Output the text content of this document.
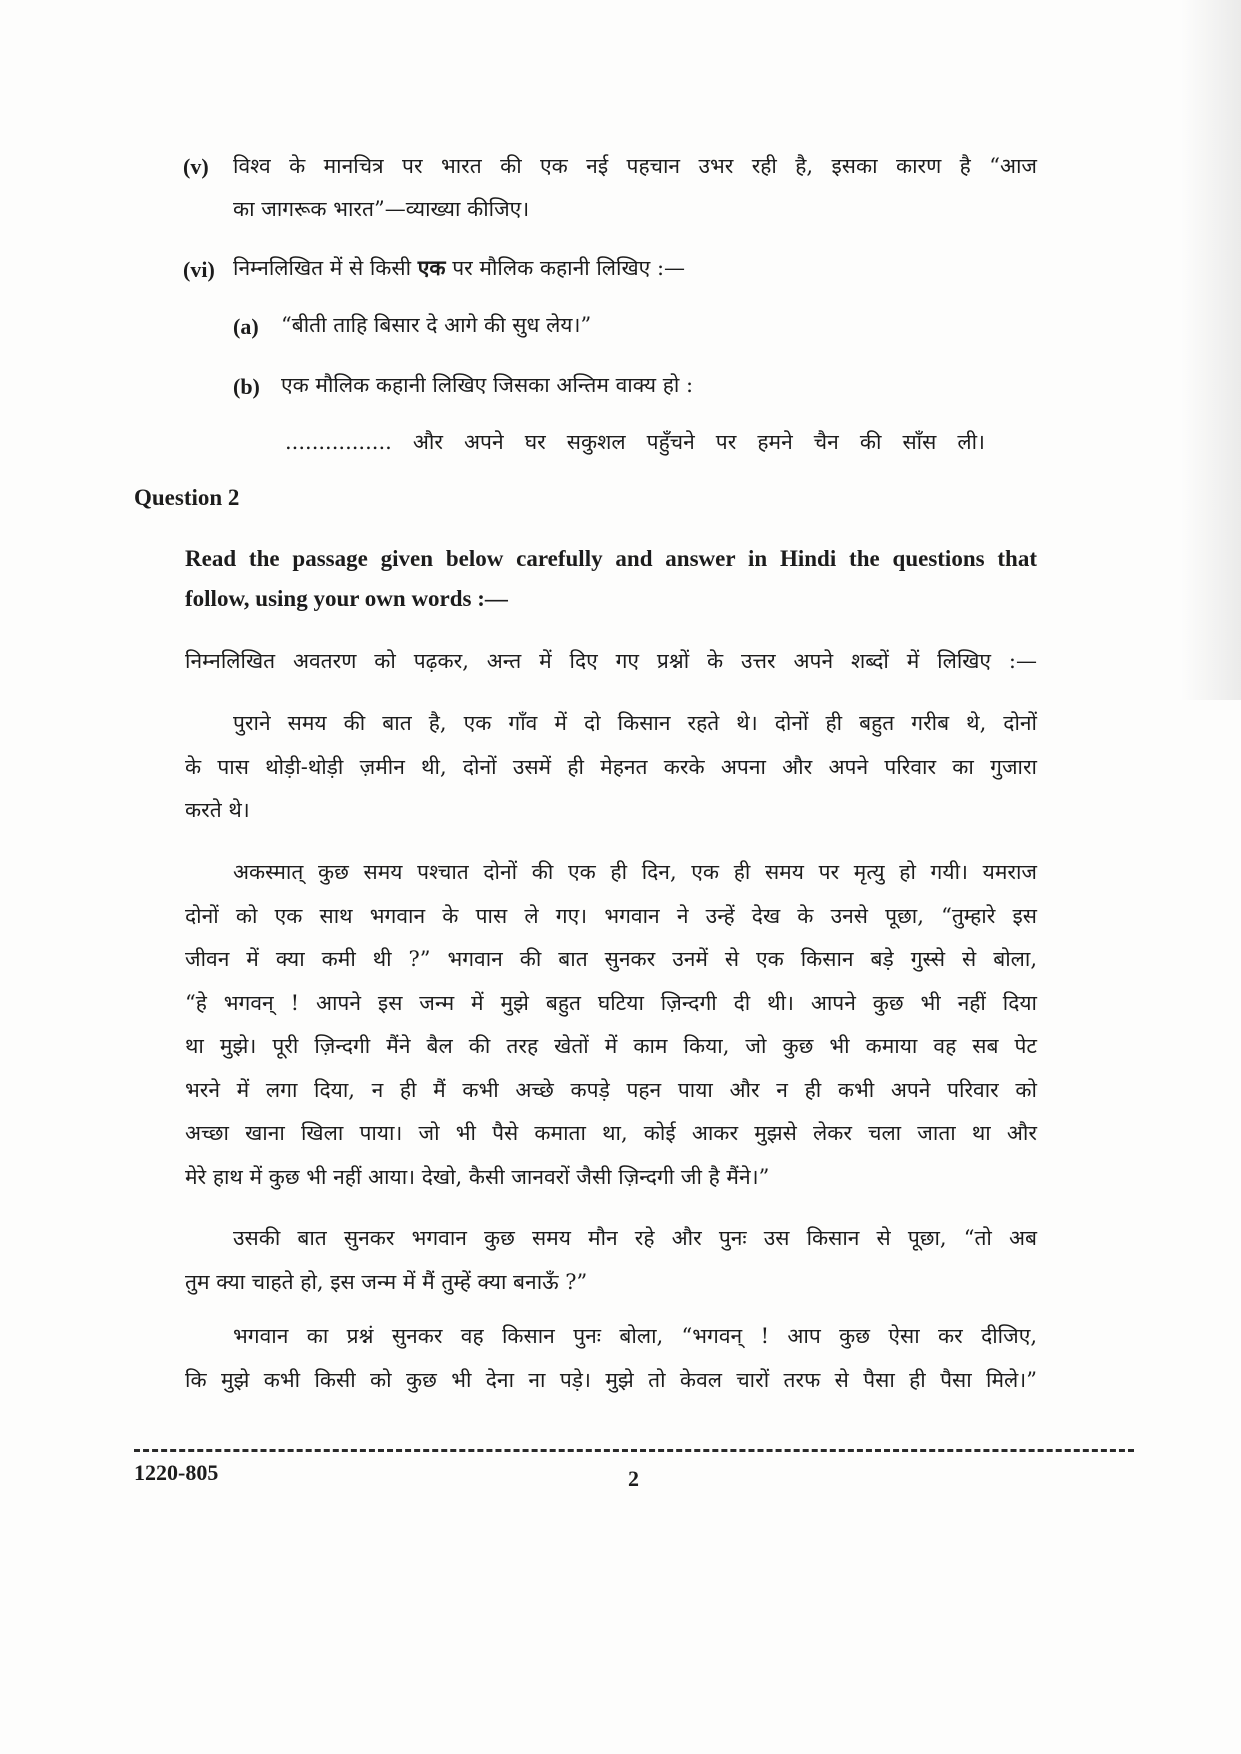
(v) विश्व के मानचित्र पर भारत की एक नई पहचान उभर रही है, इसका कारण है “आज
का जागरूक भारत”—व्याख्या कीजिए।
(vi) निम्नलिखित में से किसी एक पर मौलिक कहानी लिखिए :—
(a) “बीती ताहि बिसार दे आगे की सुध लेय।”
(b) एक मौलिक कहानी लिखिए जिसका अन्तिम वाक्य हो :
................ और अपने घर सकुशल पहुँचने पर हमने चैन की साँस ली।
Question 2
Read the passage given below carefully and answer in Hindi the questions that
follow, using your own words :—
निम्नलिखित अवतरण को पढ़कर, अन्त में दिए गए प्रश्नों के उत्तर अपने शब्दों में लिखिए :—
पुराने समय की बात है, एक गाँव में दो किसान रहते थे। दोनों ही बहुत गरीब थे, दोनों
के पास थोड़ी-थोड़ी ज़मीन थी, दोनों उसमें ही मेहनत करके अपना और अपने परिवार का गुजारा
करते थे।
अकस्मात् कुछ समय पश्चात दोनों की एक ही दिन, एक ही समय पर मृत्यु हो गयी। यमराज
दोनों को एक साथ भगवान के पास ले गए। भगवान ने उन्हें देख के उनसे पूछा, “तुम्हारे इस
जीवन में क्या कमी थी ?” भगवान की बात सुनकर उनमें से एक किसान बड़े गुस्से से बोला,
“हे भगवन् ! आपने इस जन्म में मुझे बहुत घटिया ज़िन्दगी दी थी। आपने कुछ भी नहीं दिया
था मुझे। पूरी ज़िन्दगी मैंने बैल की तरह खेतों में काम किया, जो कुछ भी कमाया वह सब पेट
भरने में लगा दिया, न ही मैं कभी अच्छे कपड़े पहन पाया और न ही कभी अपने परिवार को
अच्छा खाना खिला पाया। जो भी पैसे कमाता था, कोई आकर मुझसे लेकर चला जाता था और
मेरे हाथ में कुछ भी नहीं आया। देखो, कैसी जानवरों जैसी ज़िन्दगी जी है मैंने।”
उसकी बात सुनकर भगवान कुछ समय मौन रहे और पुनः उस किसान से पूछा, “तो अब
तुम क्या चाहते हो, इस जन्म में मैं तुम्हें क्या बनाऊँ ?”
भगवान का प्रश्नं सुनकर वह किसान पुनः बोला, “भगवन् ! आप कुछ ऐसा कर दीजिए,
कि मुझे कभी किसी को कुछ भी देना ना पड़े। मुझे तो केवल चारों तरफ से पैसा ही पैसा मिले।”
1220-805	2
